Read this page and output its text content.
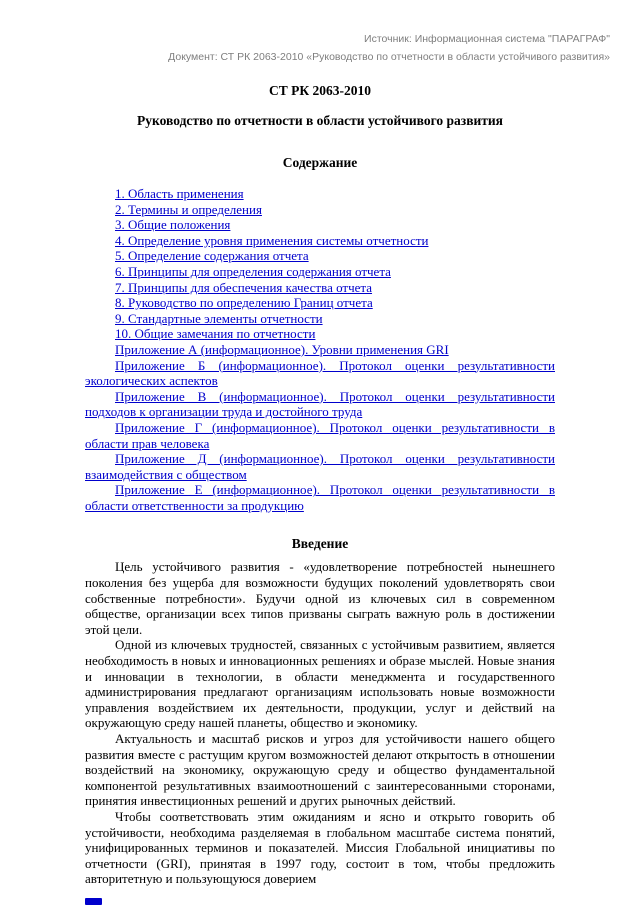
Источник: Информационная система "ПАРАГРАФ"
Документ: СТ РК 2063-2010 «Руководство по отчетности в области устойчивого развития»
СТ РК 2063-2010
Руководство по отчетности в области устойчивого развития
Содержание

1. Область применения

2. Термины и определения

3. Общие положения

4. Определение уровня применения системы отчетности

5. Определение содержания отчета

6. Принципы для определения содержания отчета

7. Принципы для обеспечения качества отчета

8. Руководство по определению Границ отчета

9. Стандартные элементы отчетности

10. Общие замечания по отчетности

Приложение А (информационное). Уровни применения GRI

Приложение Б (информационное). Протокол оценки результативности экологических аспектов

Приложение В (информационное). Протокол оценки результативности подходов к организации труда и достойного труда

Приложение Г (информационное). Протокол оценки результативности в области прав человека

Приложение Д (информационное). Протокол оценки результативности взаимодействия с обществом

Приложение Е (информационное). Протокол оценки результативности в области ответственности за продукцию

Введение

Цель устойчивого развития - «удовлетворение потребностей нынешнего поколения без ущерба для возможности будущих поколений удовлетворять свои собственные потребности». Будучи одной из ключевых сил в современном обществе, организации всех типов призваны сыграть важную роль в достижении этой цели.

Одной из ключевых трудностей, связанных с устойчивым развитием, является необходимость в новых и инновационных решениях и образе мыслей. Новые знания и инновации в технологии, в области менеджмента и государственного администрирования предлагают организациям использовать новые возможности управления воздействием их деятельности, продукции, услуг и действий на окружающую среду нашей планеты, общество и экономику.

Актуальность и масштаб рисков и угроз для устойчивости нашего общего развития вместе с растущим кругом возможностей делают открытость в отношении воздействий на экономику, окружающую среду и общество фундаментальной компонентой результативных взаимоотношений с заинтересованными сторонами, принятия инвестиционных решений и других рыночных действий.

Чтобы соответствовать этим ожиданиям и ясно и открыто говорить об устойчивости, необходима разделяемая в глобальном масштабе система понятий, унифицированных терминов и показателей. Миссия Глобальной инициативы по отчетности (GRI), принятая в 1997 году, состоит в том, чтобы предложить авторитетную и пользующуюся доверием
